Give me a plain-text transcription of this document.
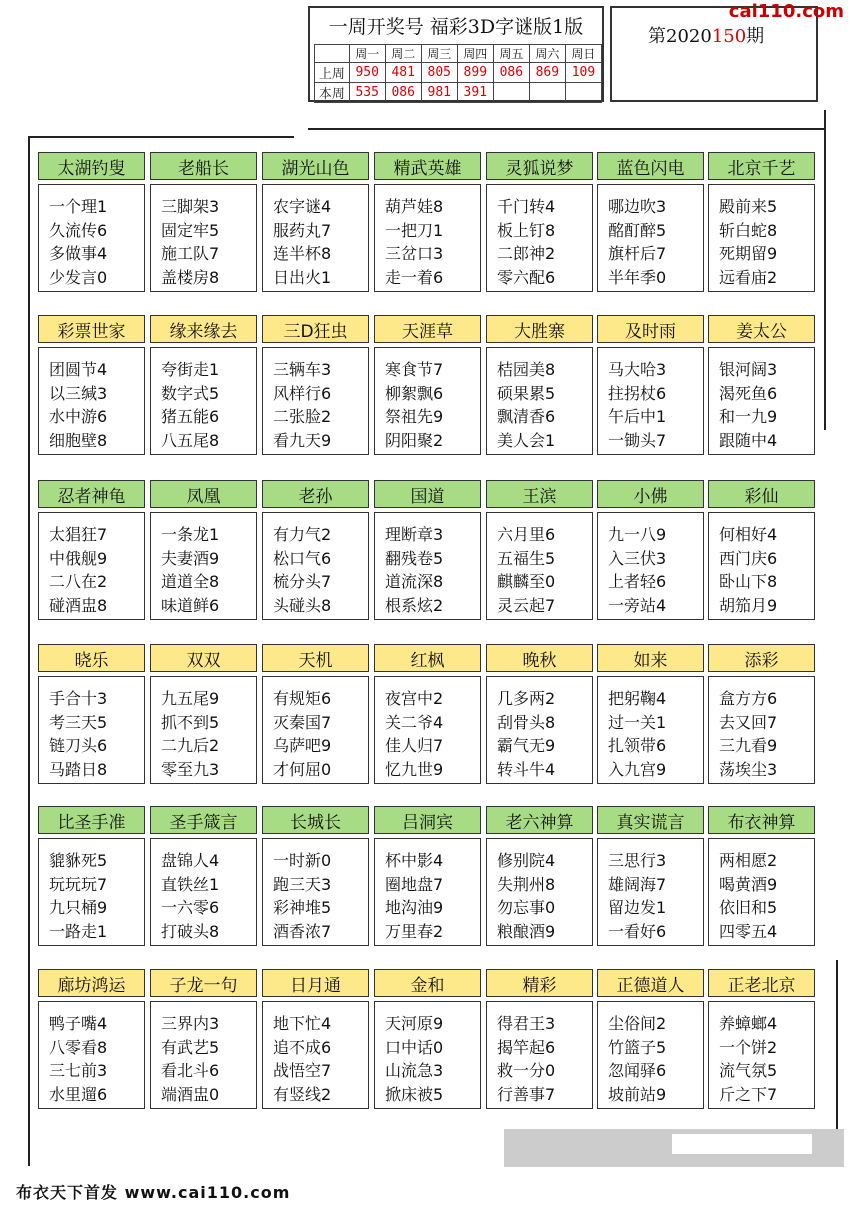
一周开奖号 福彩3D字谜版1版
	周一	周二	周三	周四	周五	周六	周日
上周	950	481	805	899	086	869	109
本周	535	086	981	391			
第2020150期
cai110.com
太湖钓叟
一个理1
久流传6
多做事4
少发言0
老船长
三脚架3
固定牢5
施工队7
盖楼房8
湖光山色
农字谜4
服药丸7
连半杯8
日出火1
精武英雄
葫芦娃8
一把刀1
三岔口3
走一着6
灵狐说梦
千门转4
板上钉8
二郎神2
零六配6
蓝色闪电
哪边吹3
酩酊醉5
旗杆后7
半年季0
北京千艺
殿前来5
斩白蛇8
死期留9
远看庙2
彩票世家
团圆节4
以三缄3
水中游6
细胞壁8
缘来缘去
夸街走1
数字式5
猪五能6
八五尾8
三D狂虫
三辆车3
风样行6
二张脸2
看九天9
天涯草
寒食节7
柳絮飘6
祭祖先9
阴阳聚2
大胜寨
桔园美8
硕果累5
飘清香6
美人会1
及时雨
马大哈3
拄拐杖6
午后中1
一锄头7
姜太公
银河阔3
渴死鱼6
和一九9
跟随中4
忍者神龟
太猖狂7
中俄舰9
二八在2
碰酒盅8
凤凰
一条龙1
夫妻酒9
道道全8
味道鲜6
老孙
有力气2
松口气6
梳分头7
头碰头8
国道
理断章3
翻残卷5
道流深8
根系炫2
王滨
六月里6
五福生5
麒麟至0
灵云起7
小佛
九一八9
入三伏3
上者轻6
一旁站4
彩仙
何相好4
西门庆6
卧山下8
胡笳月9
晓乐
手合十3
考三天5
链刀头6
马踏日8
双双
九五尾9
抓不到5
二九后2
零至九3
天机
有规矩6
灭秦国7
乌萨吧9
才何屈0
红枫
夜宫中2
关二爷4
佳人归7
忆九世9
晚秋
几多两2
刮骨头8
霸气无9
转斗牛4
如来
把躬鞠4
过一关1
扎领带6
入九宫9
添彩
盒方方6
去又回7
三九看9
荡埃尘3
比圣手准
貔貅死5
玩玩玩7
九只桶9
一路走1
圣手箴言
盘锦人4
直铁丝1
一六零6
打破头8
长城长
一时新0
跑三天3
彩神堆5
酒香浓7
吕洞宾
杯中影4
圈地盘7
地沟油9
万里春2
老六神算
修别院4
失荆州8
勿忘事0
粮酿酒9
真实谎言
三思行3
雄阔海7
留边发1
一看好6
布衣神算
两相愿2
喝黄酒9
依旧和5
四零五4
廊坊鸿运
鸭子嘴4
八零看8
三七前3
水里遛6
子龙一句
三界内3
有武艺5
看北斗6
端酒盅0
日月通
地下忙4
追不成6
战悟空7
有竖线2
金和
天河原9
口中话0
山流急3
掀床被5
精彩
得君王3
揭竿起6
救一分0
行善事7
正德道人
尘俗间2
竹篮子5
忽闻驿6
坡前站9
正老北京
养蟑螂4
一个饼2
流气氛5
斤之下7
布衣天下首发 www.cai110.com
